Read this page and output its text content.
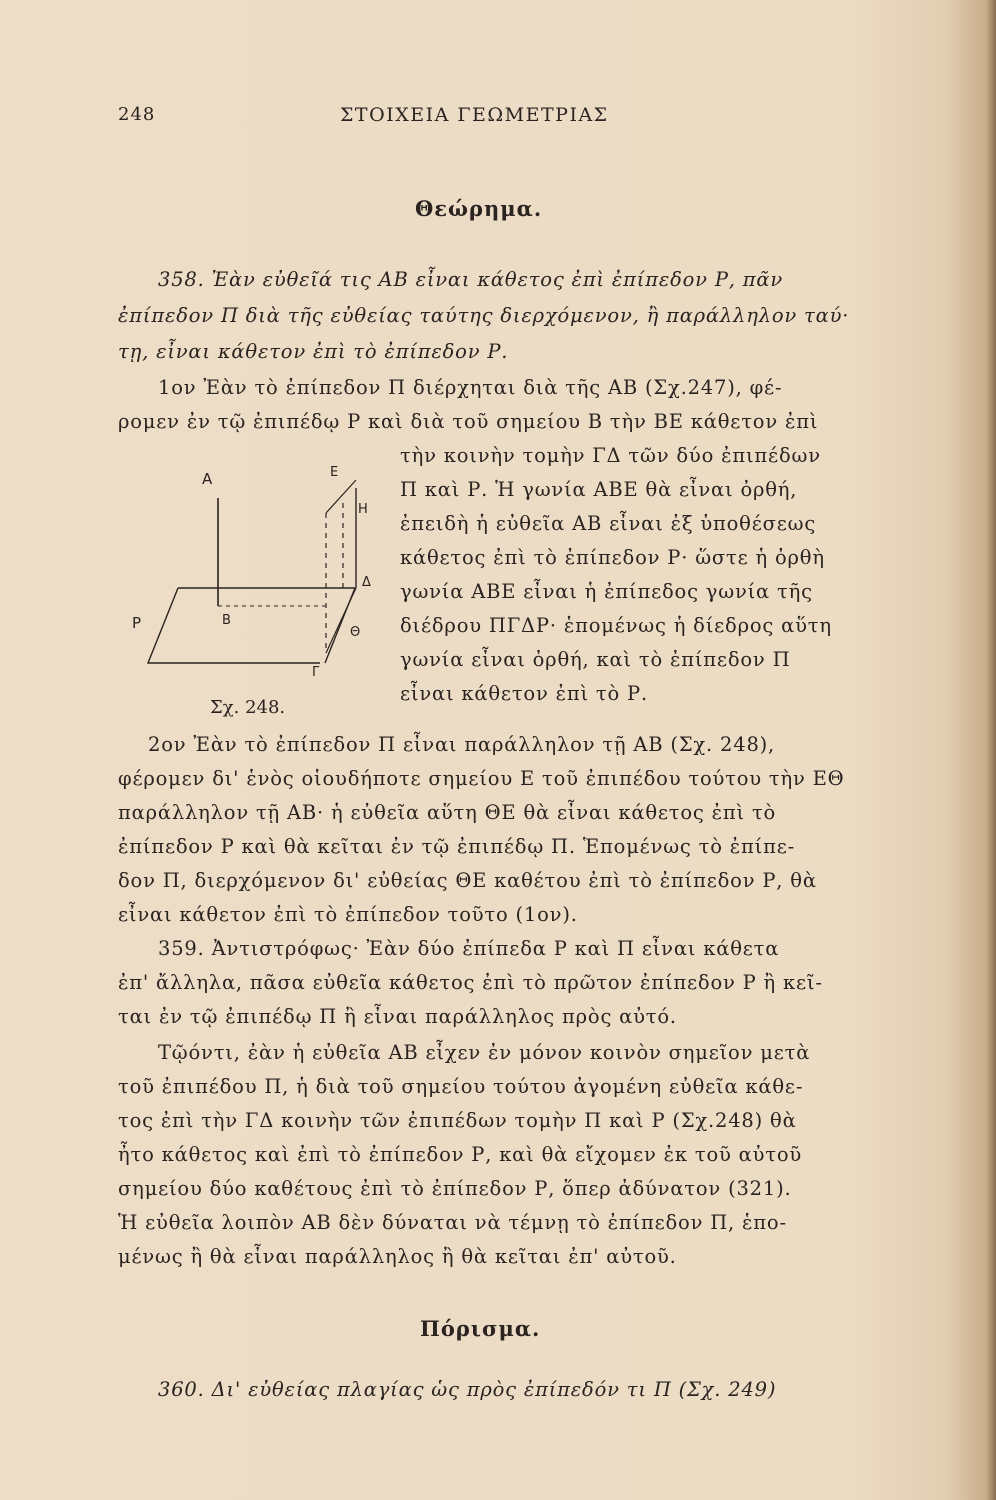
248	ΣΤΟΙΧΕΙΑ ΓΕΩΜΕΤΡΙΑΣ
Θεώρημα.
358. Ἐὰν εὐθεῖά τις ΑΒ εἶναι κάθετος ἐπὶ ἐπίπεδον Ρ, πᾶν
ἐπίπεδον Π διὰ τῆς εὐθείας ταύτης διερχόμενον, ἢ παράλληλον ταύ·
τῃ, εἶναι κάθετον ἐπὶ τὸ ἐπίπεδον Ρ.
1ον Ἐὰν τὸ ἐπίπεδον Π διέρχηται διὰ τῆς ΑΒ (Σχ.247), φέ-
ρομεν ἐν τῷ ἐπιπέδῳ Ρ καὶ διὰ τοῦ σημείου Β τὴν ΒΕ κάθετον ἐπὶ
τὴν κοινὴν τομὴν ΓΔ τῶν δύο ἐπιπέδων
Π καὶ Ρ. Ἡ γωνία ΑΒΕ θὰ εἶναι ὀρθή,
ἐπειδὴ ἡ εὐθεῖα ΑΒ εἶναι ἐξ ὑποθέσεως
κάθετος ἐπὶ τὸ ἐπίπεδον Ρ· ὥστε ἡ ὀρθὴ
γωνία ΑΒΕ εἶναι ἡ ἐπίπεδος γωνία τῆς
διέδρου ΠΓΔΡ· ἑπομένως ἡ δίεδρος αὕτη
γωνία εἶναι ὀρθή, καὶ τὸ ἐπίπεδον Π
εἶναι κάθετον ἐπὶ τὸ Ρ.
A	E
H
B
Δ
P
Θ
Γ
Σχ. 248.
2ον Ἐὰν τὸ ἐπίπεδον Π εἶναι παράλληλον τῇ ΑΒ (Σχ. 248),
φέρομεν δι' ἑνὸς οἱουδήποτε σημείου Ε τοῦ ἐπιπέδου τούτου τὴν ΕΘ
παράλληλον τῇ ΑΒ· ἡ εὐθεῖα αὕτη ΘΕ θὰ εἶναι κάθετος ἐπὶ τὸ
ἐπίπεδον Ρ καὶ θὰ κεῖται ἐν τῷ ἐπιπέδῳ Π. Ἑπομένως τὸ ἐπίπε-
δον Π, διερχόμενον δι' εὐθείας ΘΕ καθέτου ἐπὶ τὸ ἐπίπεδον Ρ, θὰ
εἶναι κάθετον ἐπὶ τὸ ἐπίπεδον τοῦτο (1ον).
359. Ἀντιστρόφως· Ἐὰν δύο ἐπίπεδα Ρ καὶ Π εἶναι κάθετα
ἐπ' ἄλληλα, πᾶσα εὐθεῖα κάθετος ἐπὶ τὸ πρῶτον ἐπίπεδον Ρ ἢ κεῖ-
ται ἐν τῷ ἐπιπέδῳ Π ἢ εἶναι παράλληλος πρὸς αὐτό.
Τῷόντι, ἐὰν ἡ εὐθεῖα ΑΒ εἶχεν ἐν μόνον κοινὸν σημεῖον μετὰ
τοῦ ἐπιπέδου Π, ἡ διὰ τοῦ σημείου τούτου ἀγομένη εὐθεῖα κάθε-
τος ἐπὶ τὴν ΓΔ κοινὴν τῶν ἐπιπέδων τομὴν Π καὶ Ρ (Σχ.248) θὰ
ἦτο κάθετος καὶ ἐπὶ τὸ ἐπίπεδον Ρ, καὶ θὰ εἴχομεν ἐκ τοῦ αὐτοῦ
σημείου δύο καθέτους ἐπὶ τὸ ἐπίπεδον Ρ, ὅπερ ἀδύνατον (321).
Ἡ εὐθεῖα λοιπὸν ΑΒ δὲν δύναται νὰ τέμνῃ τὸ ἐπίπεδον Π, ἑπο-
μένως ἢ θὰ εἶναι παράλληλος ἢ θὰ κεῖται ἐπ' αὐτοῦ.
Πόρισμα.
360. Δι' εὐθείας πλαγίας ὡς πρὸς ἐπίπεδόν τι Π (Σχ. 249)
